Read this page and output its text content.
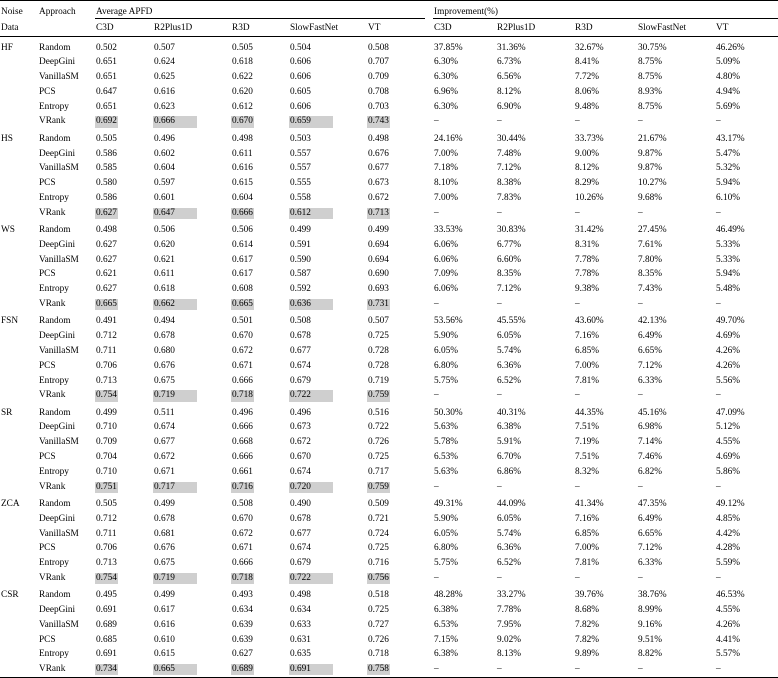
Noise	Approach	Average APFD						Improvement(%)				
Data		C3D	R2Plus1D	R3D	SlowFastNet	VT		C3D	R2Plus1D	R3D	SlowFastNet	VT

HF	Random	0.502	0.507	0.505	0.504	0.508		37.85%	31.36%	32.67%	30.75%	46.26%
	DeepGini	0.651	0.624	0.618	0.606	0.707		6.30%	6.73%	8.41%	8.75%	5.09%
	VanillaSM	0.651	0.625	0.622	0.606	0.709		6.30%	6.56%	7.72%	8.75%	4.80%
	PCS	0.647	0.616	0.620	0.605	0.708		6.96%	8.12%	8.06%	8.93%	4.94%
	Entropy	0.651	0.623	0.612	0.606	0.703		6.30%	6.90%	9.48%	8.75%	5.69%
	VRank	0.692	0.666	0.670	0.659	0.743		–	–	–	–	–
HS	Random	0.505	0.496	0.498	0.503	0.498		24.16%	30.44%	33.73%	21.67%	43.17%
	DeepGini	0.586	0.602	0.611	0.557	0.676		7.00%	7.48%	9.00%	9.87%	5.47%
	VanillaSM	0.585	0.604	0.616	0.557	0.677		7.18%	7.12%	8.12%	9.87%	5.32%
	PCS	0.580	0.597	0.615	0.555	0.673		8.10%	8.38%	8.29%	10.27%	5.94%
	Entropy	0.586	0.601	0.604	0.558	0.672		7.00%	7.83%	10.26%	9.68%	6.10%
	VRank	0.627	0.647	0.666	0.612	0.713		–	–	–	–	–
WS	Random	0.498	0.506	0.506	0.499	0.499		33.53%	30.83%	31.42%	27.45%	46.49%
	DeepGini	0.627	0.620	0.614	0.591	0.694		6.06%	6.77%	8.31%	7.61%	5.33%
	VanillaSM	0.627	0.621	0.617	0.590	0.694		6.06%	6.60%	7.78%	7.80%	5.33%
	PCS	0.621	0.611	0.617	0.587	0.690		7.09%	8.35%	7.78%	8.35%	5.94%
	Entropy	0.627	0.618	0.608	0.592	0.693		6.06%	7.12%	9.38%	7.43%	5.48%
	VRank	0.665	0.662	0.665	0.636	0.731		–	–	–	–	–
FSN	Random	0.491	0.494	0.501	0.508	0.507		53.56%	45.55%	43.60%	42.13%	49.70%
	DeepGini	0.712	0.678	0.670	0.678	0.725		5.90%	6.05%	7.16%	6.49%	4.69%
	VanillaSM	0.711	0.680	0.672	0.677	0.728		6.05%	5.74%	6.85%	6.65%	4.26%
	PCS	0.706	0.676	0.671	0.674	0.728		6.80%	6.36%	7.00%	7.12%	4.26%
	Entropy	0.713	0.675	0.666	0.679	0.719		5.75%	6.52%	7.81%	6.33%	5.56%
	VRank	0.754	0.719	0.718	0.722	0.759		–	–	–	–	–
SR	Random	0.499	0.511	0.496	0.496	0.516		50.30%	40.31%	44.35%	45.16%	47.09%
	DeepGini	0.710	0.674	0.666	0.673	0.722		5.63%	6.38%	7.51%	6.98%	5.12%
	VanillaSM	0.709	0.677	0.668	0.672	0.726		5.78%	5.91%	7.19%	7.14%	4.55%
	PCS	0.704	0.672	0.666	0.670	0.725		6.53%	6.70%	7.51%	7.46%	4.69%
	Entropy	0.710	0.671	0.661	0.674	0.717		5.63%	6.86%	8.32%	6.82%	5.86%
	VRank	0.751	0.717	0.716	0.720	0.759		–	–	–	–	–
ZCA	Random	0.505	0.499	0.508	0.490	0.509		49.31%	44.09%	41.34%	47.35%	49.12%
	DeepGini	0.712	0.678	0.670	0.678	0.721		5.90%	6.05%	7.16%	6.49%	4.85%
	VanillaSM	0.711	0.681	0.672	0.677	0.724		6.05%	5.74%	6.85%	6.65%	4.42%
	PCS	0.706	0.676	0.671	0.674	0.725		6.80%	6.36%	7.00%	7.12%	4.28%
	Entropy	0.713	0.675	0.666	0.679	0.716		5.75%	6.52%	7.81%	6.33%	5.59%
	VRank	0.754	0.719	0.718	0.722	0.756		–	–	–	–	–
CSR	Random	0.495	0.499	0.493	0.498	0.518		48.28%	33.27%	39.76%	38.76%	46.53%
	DeepGini	0.691	0.617	0.634	0.634	0.725		6.38%	7.78%	8.68%	8.99%	4.55%
	VanillaSM	0.689	0.616	0.639	0.633	0.727		6.53%	7.95%	7.82%	9.16%	4.26%
	PCS	0.685	0.610	0.639	0.631	0.726		7.15%	9.02%	7.82%	9.51%	4.41%
	Entropy	0.691	0.615	0.627	0.635	0.718		6.38%	8.13%	9.89%	8.82%	5.57%
	VRank	0.734	0.665	0.689	0.691	0.758		–	–	–	–	–
